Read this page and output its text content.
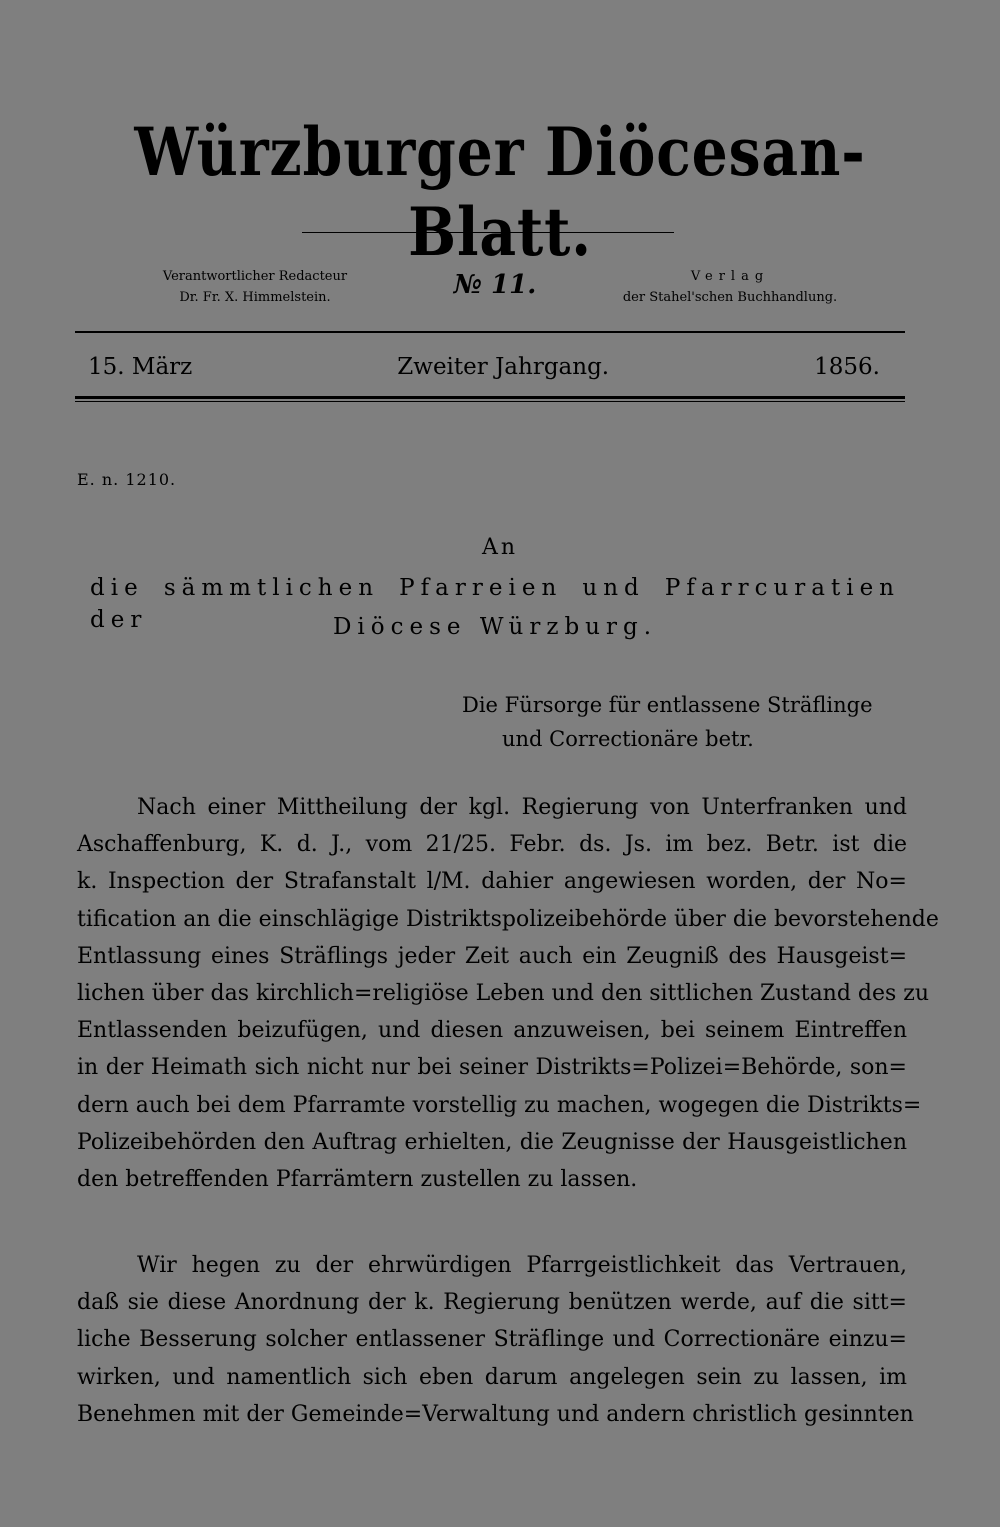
Würzburger Diöcesan-Blatt.
Verantwortlicher Redacteur
Dr. Fr. X. Himmelstein.	№ 11.	Verlag
der Stahel'schen Buchhandlung.
15. März	Zweiter Jahrgang.	1856.
E. n. 1210.
An
die sämmtlichen Pfarreien und Pfarrcuratien der	Diöcese Würzburg.
Die Fürsorge für entlassene Sträflinge
und Correctionäre betr.
Nach einer Mittheilung der kgl. Regierung von Unterfranken und
Aschaffenburg, K. d. J., vom 21/25. Febr. ds. Js. im bez. Betr. ist die
k. Inspection der Strafanstalt l/M. dahier angewiesen worden, der No=
tification an die einschlägige Distriktspolizeibehörde über die bevorstehende
Entlassung eines Sträflings jeder Zeit auch ein Zeugniß des Hausgeist=
lichen über das kirchlich=religiöse Leben und den sittlichen Zustand des zu
Entlassenden beizufügen, und diesen anzuweisen, bei seinem Eintreffen
in der Heimath sich nicht nur bei seiner Distrikts=Polizei=Behörde, son=
dern auch bei dem Pfarramte vorstellig zu machen, wogegen die Distrikts=
Polizeibehörden den Auftrag erhielten, die Zeugnisse der Hausgeistlichen
den betreffenden Pfarrämtern zustellen zu lassen.
Wir hegen zu der ehrwürdigen Pfarrgeistlichkeit das Vertrauen,
daß sie diese Anordnung der k. Regierung benützen werde, auf die sitt=
liche Besserung solcher entlassener Sträflinge und Correctionäre einzu=
wirken, und namentlich sich eben darum angelegen sein zu lassen, im
Benehmen mit der Gemeinde=Verwaltung und andern christlich gesinnten
